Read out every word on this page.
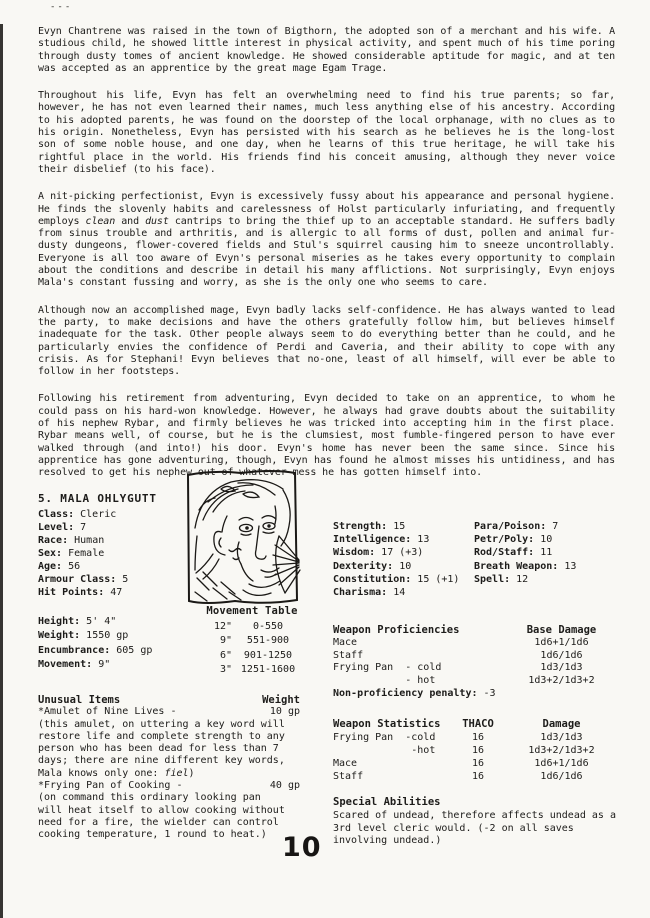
---

Evyn Chantrene was raised in the town of Bigthorn, the adopted son of a merchant and his wife. A studious child, he showed little interest in physical activity, and spent much of his time poring through dusty tomes of ancient knowledge. He showed considerable aptitude for magic, and at ten was accepted as an apprentice by the great mage Egam Trage.

Throughout his life, Evyn has felt an overwhelming need to find his true parents; so far, however, he has not even learned their names, much less anything else of his ancestry. According to his adopted parents, he was found on the doorstep of the local orphanage, with no clues as to his origin. Nonetheless, Evyn has persisted with his search as he believes he is the long-lost son of some noble house, and one day, when he learns of this true heritage, he will take his rightful place in the world. His friends find his conceit amusing, although they never voice their disbelief (to his face).

A nit-picking perfectionist, Evyn is excessively fussy about his appearance and personal hygiene. He finds the slovenly habits and carelessness of Holst particularly infuriating, and frequently employs clean and dust cantrips to bring the thief up to an acceptable standard. He suffers badly from sinus trouble and arthritis, and is allergic to all forms of dust, pollen and animal fur- dusty dungeons, flower-covered fields and Stul's squirrel causing him to sneeze uncontrollably. Everyone is all too aware of Evyn's personal miseries as he takes every opportunity to complain about the conditions and describe in detail his many afflictions. Not surprisingly, Evyn enjoys Mala's constant fussing and worry, as she is the only one who seems to care.

Although now an accomplished mage, Evyn badly lacks self-confidence. He has always wanted to lead the party, to make decisions and have the others gratefully follow him, but believes himself inadequate for the task. Other people always seem to do everything better than he could, and he particularly envies the confidence of Perdi and Caveria, and their ability to cope with any crisis. As for Stephani! Evyn believes that no-one, least of all himself, will ever be able to follow in her footsteps.

Following his retirement from adventuring, Evyn decided to take on an apprentice, to whom he could pass on his hard-won knowledge. However, he always had grave doubts about the suitability of his nephew Rybar, and firmly believes he was tricked into accepting him in the first place. Rybar means well, of course, but he is the clumsiest, most fumble-fingered person to have ever walked through (and into!) his door. Evyn's home has never been the same since. Since his apprentice has gone adventuring, though, Evyn has found he almost misses his untidiness, and has resolved to get his nephew out of whatever mess he has gotten himself into.

5. MALA OHLYGUTT
Class: Cleric
Level: 7
Race: Human
Sex: Female
Age: 56
Armour Class: 5
Hit Points: 47
Movement Table
12"	0-550
9"	551-900
6"	901-1250
3" 1251-1600
Height: 5' 4"
Weight: 1550 gp
Encumbrance: 605 gp
Movement: 9"
Strength: 15
Intelligence: 13
Wisdom: 17 (+3)
Dexterity: 10
Constitution: 15 (+1)
Charisma: 14
Para/Poison: 7
Petr/Poly: 10
Rod/Staff: 11
Breath Weapon: 13
Spell: 12
Weapon Proficiencies	Base Damage
Mace	1d6+1/1d6
Staff	1d6/1d6
Frying Pan  - cold	1d3/1d3
- hot	1d3+2/1d3+2
Non-proficiency penalty: -3
Unusual Items	Weight
*Amulet of Nine Lives -	10 gp
(this amulet, on uttering a key word will restore life and complete strength to any person who has been dead for less than 7 days; there are nine different key words, Mala knows only one: fiel)
*Frying Pan of Cooking -	40 gp
(on command this ordinary looking pan will heat itself to allow cooking without need for a fire, the wielder can control cooking temperature, 1 round to heat.)
Weapon Statistics	THACO	Damage
Frying Pan  -cold	16	1d3/1d3
-hot	16	1d3+2/1d3+2
Mace	16	1d6+1/1d6
Staff	16	1d6/1d6
Special Abilities
Scared of undead, therefore affects undead as a 3rd level cleric would. (-2 on all saves involving undead.)
10
